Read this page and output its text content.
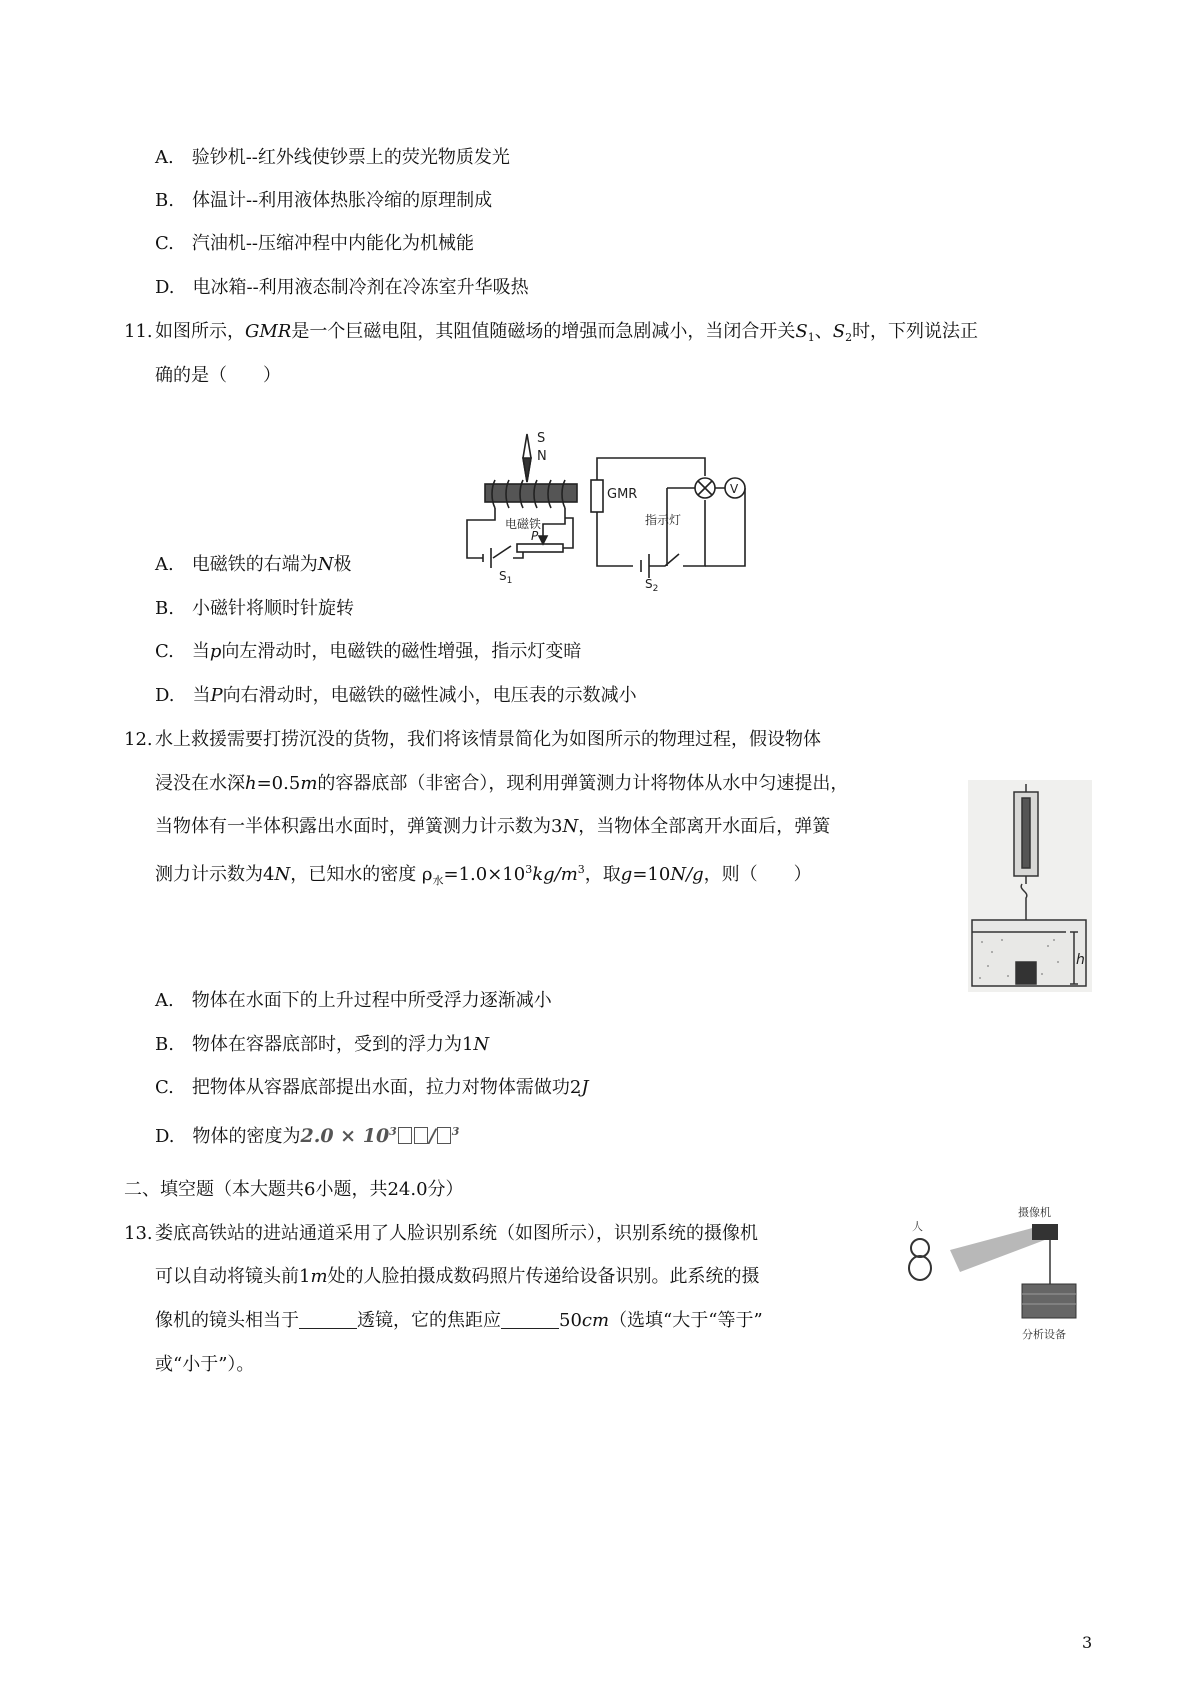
A.　验钞机--红外线使钞票上的荧光物质发光
B.　体温计--利用液体热胀冷缩的原理制成
C.　汽油机--压缩冲程中内能化为机械能
D.　电冰箱--利用液态制冷剂在冷冻室升华吸热
11. 如图所示，GMR是一个巨磁电阻，其阻值随磁场的增强而急剧减小，当闭合开关$S_1$、$S_2$时，下列说法正
确的是（　　）
S
N
电磁铁
P
$S_1$
GMR
指示灯
V
$S_2$
A.　电磁铁的右端为N极
B.　小磁针将顺时针旋转
C.　当p向左滑动时，电磁铁的磁性增强，指示灯变暗
D.　当P向右滑动时，电磁铁的磁性减小，电压表的示数减小
12. 水上救援需要打捞沉没的货物，我们将该情景简化为如图所示的物理过程，假设物体
浸没在水深h=0.5m的容器底部（非密合），现利用弹簧测力计将物体从水中匀速提出，
当物体有一半体积露出水面时，弹簧测力计示数为3N，当物体全部离开水面后，弹簧
测力计示数为4N，已知水的密度 $\rho_水=1.0\times 10^3kg/m^3$，取g=10N/g，则（　　）
h
A.　物体在水面下的上升过程中所受浮力逐渐减小
B.　物体在容器底部时，受到的浮力为1N
C.　把物体从容器底部提出水面，拉力对物体需做功2J
D.　物体的密度为$2.0 \times 10^3 / ^3$
二、填空题（本大题共6小题，共24.0分）
13. 娄底高铁站的进站通道采用了人脸识别系统（如图所示），识别系统的摄像机
可以自动将镜头前1m处的人脸拍摄成数码照片传递给设备识别。此系统的摄
像机的镜头相当于	透镜，它的焦距应	50cm（选填“大于“等于”
或“小于”）。
人
摄像机
分析设备
3
